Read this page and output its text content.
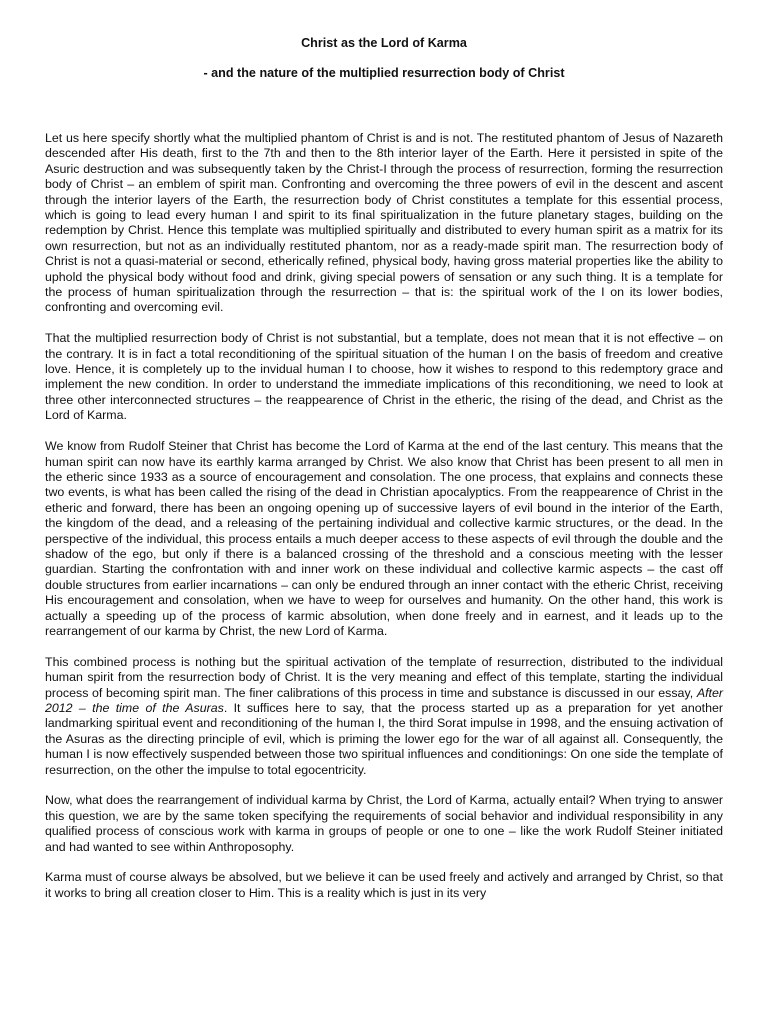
Christ as the Lord of Karma
- and the nature of the multiplied resurrection body of Christ

Let us here specify shortly what the multiplied phantom of Christ is and is not. The restituted phantom of Jesus of Nazareth descended after His death, first to the 7th and then to the 8th interior layer of the Earth. Here it persisted in spite of the Asuric destruction and was subsequently taken by the Christ-I through the process of resurrection, forming the resurrection body of Christ – an emblem of spirit man. Confronting and overcoming the three powers of evil in the descent and ascent through the interior layers of the Earth, the resurrection body of Christ constitutes a template for this essential process, which is going to lead every human I and spirit to its final spiritualization in the future planetary stages, building on the redemption by Christ. Hence this template was multiplied spiritually and distributed to every human spirit as a matrix for its own resurrection, but not as an individually restituted phantom, nor as a ready-made spirit man. The resurrection body of Christ is not a quasi-material or second, etherically refined, physical body, having gross material properties like the ability to uphold the physical body without food and drink, giving special powers of sensation or any such thing. It is a template for the process of human spiritualization through the resurrection – that is: the spiritual work of the I on its lower bodies, confronting and overcoming evil.

That the multiplied resurrection body of Christ is not substantial, but a template, does not mean that it is not effective – on the contrary. It is in fact a total reconditioning of the spiritual situation of the human I on the basis of freedom and creative love. Hence, it is completely up to the invidual human I to choose, how it wishes to respond to this redemptory grace and implement the new condition. In order to understand the immediate implications of this reconditioning, we need to look at three other interconnected structures – the reappearence of Christ in the etheric, the rising of the dead, and Christ as the Lord of Karma.

We know from Rudolf Steiner that Christ has become the Lord of Karma at the end of the last century. This means that the human spirit can now have its earthly karma arranged by Christ. We also know that Christ has been present to all men in the etheric since 1933 as a source of encouragement and consolation. The one process, that explains and connects these two events, is what has been called the rising of the dead in Christian apocalyptics. From the reappearence of Christ in the etheric and forward, there has been an ongoing opening up of successive layers of evil bound in the interior of the Earth, the kingdom of the dead, and a releasing of the pertaining individual and collective karmic structures, or the dead. In the perspective of the individual, this process entails a much deeper access to these aspects of evil through the double and the shadow of the ego, but only if there is a balanced crossing of the threshold and a conscious meeting with the lesser guardian. Starting the confrontation with and inner work on these individual and collective karmic aspects – the cast off double structures from earlier incarnations – can only be endured through an inner contact with the etheric Christ, receiving His encouragement and consolation, when we have to weep for ourselves and humanity. On the other hand, this work is actually a speeding up of the process of karmic absolution, when done freely and in earnest, and it leads up to the rearrangement of our karma by Christ, the new Lord of Karma.

This combined process is nothing but the spiritual activation of the template of resurrection, distributed to the individual human spirit from the resurrection body of Christ. It is the very meaning and effect of this template, starting the individual process of becoming spirit man. The finer calibrations of this process in time and substance is discussed in our essay, After 2012 – the time of the Asuras. It suffices here to say, that the process started up as a preparation for yet another landmarking spiritual event and reconditioning of the human I, the third Sorat impulse in 1998, and the ensuing activation of the Asuras as the directing principle of evil, which is priming the lower ego for the war of all against all. Consequently, the human I is now effectively suspended between those two spiritual influences and conditionings: On one side the template of resurrection, on the other the impulse to total egocentricity.

Now, what does the rearrangement of individual karma by Christ, the Lord of Karma, actually entail? When trying to answer this question, we are by the same token specifying the requirements of social behavior and individual responsibility in any qualified process of conscious work with karma in groups of people or one to one – like the work Rudolf Steiner initiated and had wanted to see within Anthroposophy.

Karma must of course always be absolved, but we believe it can be used freely and actively and arranged by Christ, so that it works to bring all creation closer to Him. This is a reality which is just in its very
